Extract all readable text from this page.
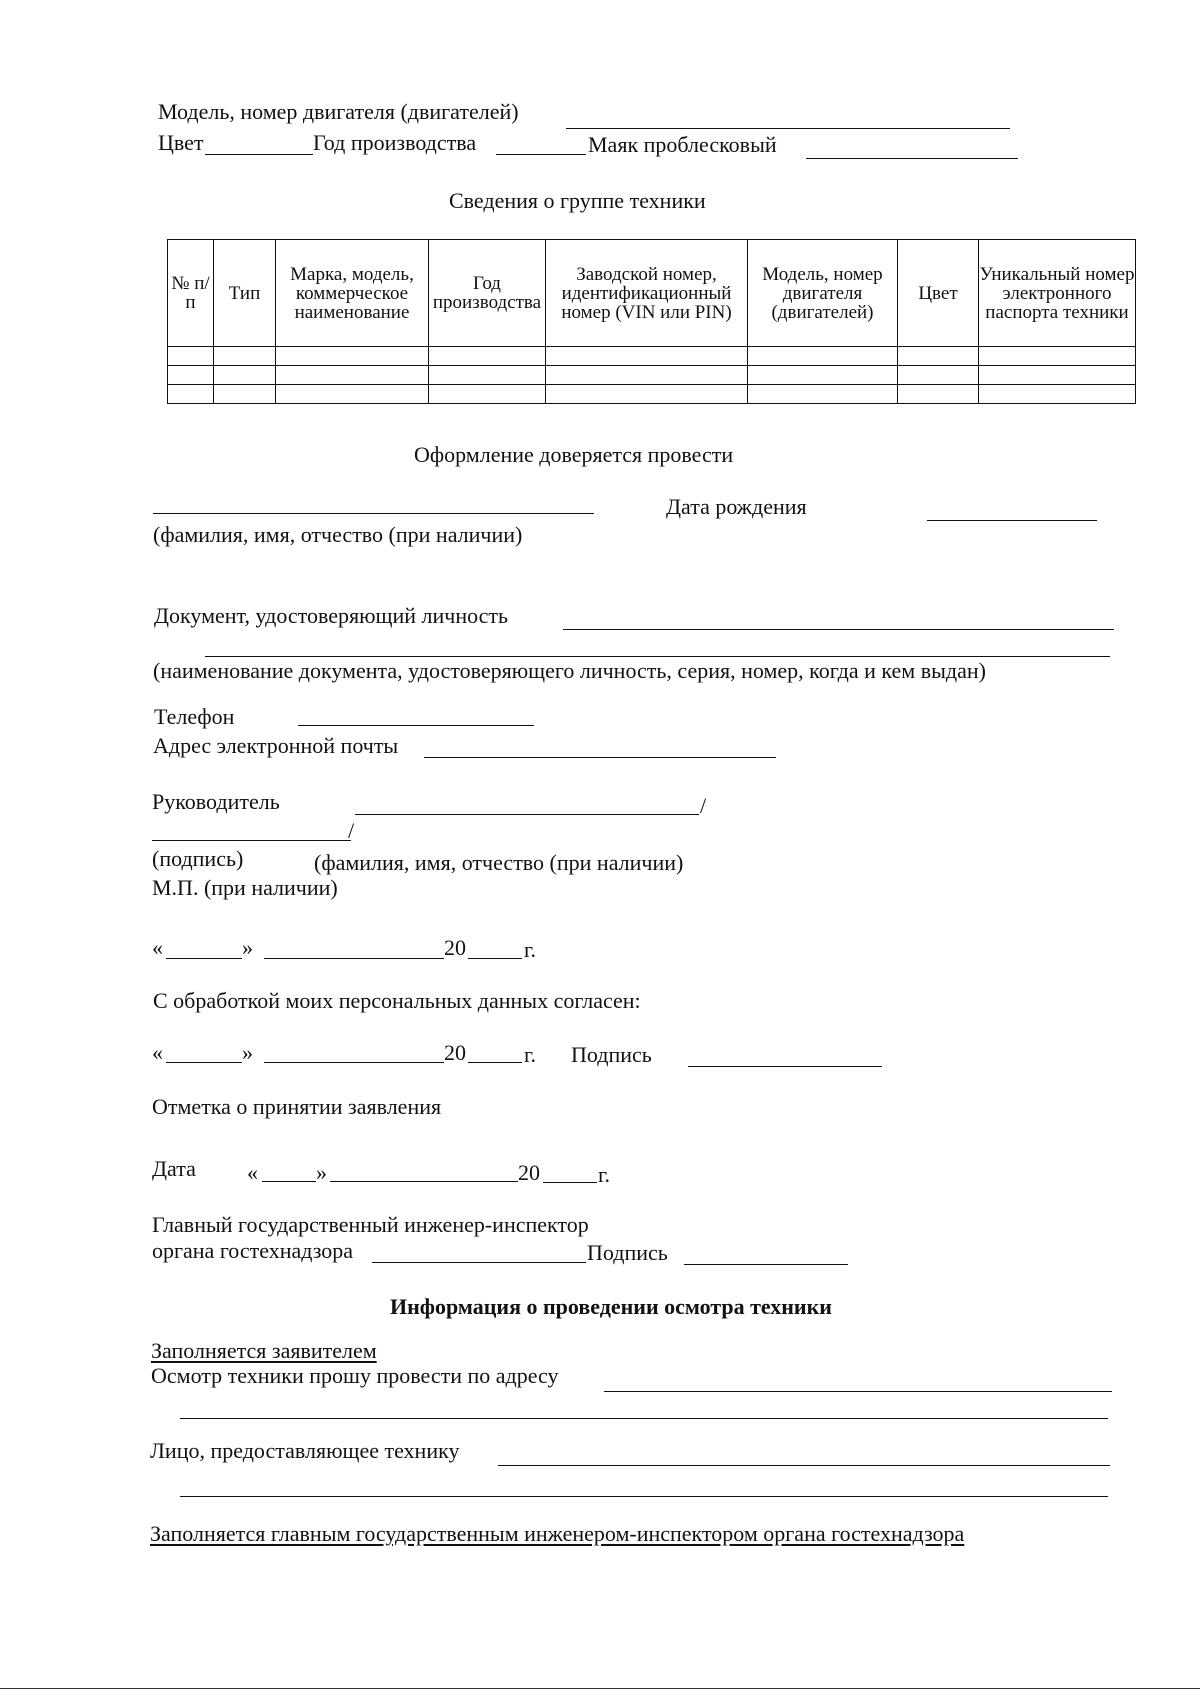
Модель, номер двигателя (двигателей)
Цвет	Год производства	Маяк проблесковый
Сведения о группе техники
№ п/п	Тип	Марка, модель, коммерческое наименование	Год производства	Заводской номер, идентификационный номер (VIN или PIN)	Модель, номер двигателя (двигателей)	Цвет	Уникальный номер электронного паспорта техники

Оформление доверяется провести
Дата рождения
(фамилия, имя, отчество (при наличии)
Документ, удостоверяющий личность
(наименование документа, удостоверяющего личность, серия, номер, когда и кем выдан)
Телефон
Адрес электронной почты
Руководитель	/
/
(подпись)	(фамилия, имя, отчество (при наличии)
М.П. (при наличии)
«	»	20	г.
С обработкой моих персональных данных согласен:
«	»	20	г. Подпись
Отметка о принятии заявления
Дата «	»	20	г.
Главный государственный инженер-инспектор
органа гостехнадзора	Подпись
Информация о проведении осмотра техники
Заполняется заявителем
Осмотр техники прошу провести по адресу
Лицо, предоставляющее технику
Заполняется главным государственным инженером-инспектором органа гостехнадзора
